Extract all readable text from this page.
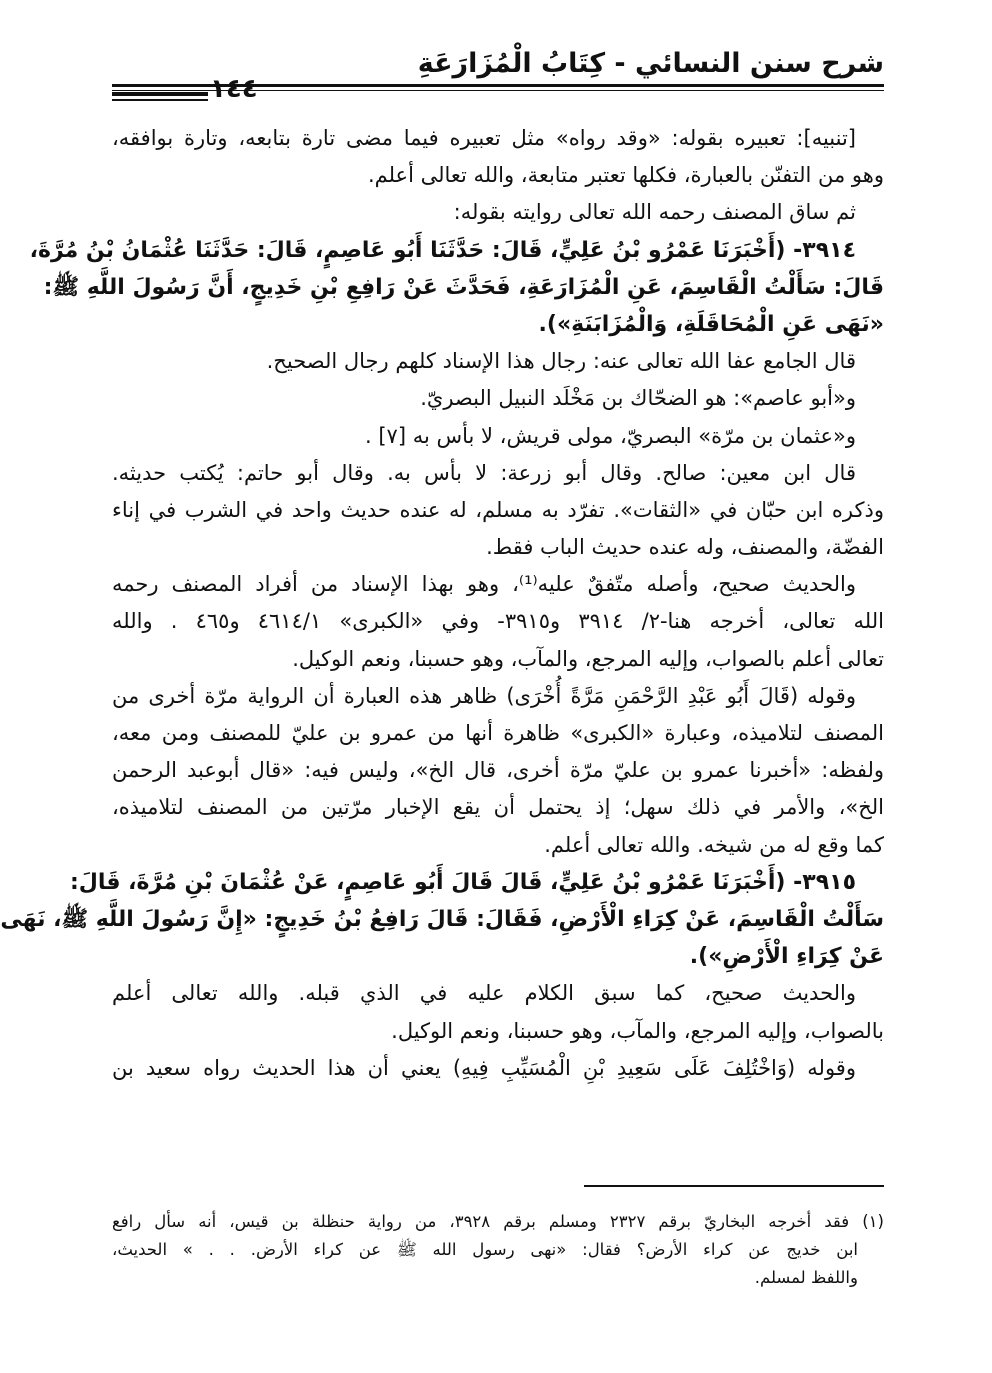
شرح سنن النسائي - كِتَابُ الْمُزَارَعَةِ
١٤٤
[تنبيه]: تعبيره بقوله: «وقد رواه» مثل تعبيره فيما مضى تارة بتابعه، وتارة بوافقه،
وهو من التفنّن بالعبارة، فكلها تعتبر متابعة، والله تعالى أعلم.
ثم ساق المصنف رحمه الله تعالى روايته بقوله:
٣٩١٤- (أَخْبَرَنَا عَمْرُو بْنُ عَلِيٍّ، قَالَ: حَدَّثَنَا أَبُو عَاصِمٍ، قَالَ: حَدَّثَنَا عُثْمَانُ بْنُ مُرَّةَ،
قَالَ: سَأَلْتُ الْقَاسِمَ، عَنِ الْمُزَارَعَةِ، فَحَدَّثَ عَنْ رَافِعِ بْنِ خَدِيجٍ، أَنَّ رَسُولَ اللَّهِ ﷺ:
«نَهَى عَنِ الْمُحَاقَلَةِ، وَالْمُزَابَنَةِ»).
قال الجامع عفا الله تعالى عنه: رجال هذا الإسناد كلهم رجال الصحيح.
و«أبو عاصم»: هو الضحّاك بن مَخْلَد النبيل البصريّ.
و«عثمان بن مرّة» البصريّ، مولى قريش، لا بأس به [٧] .
قال ابن معين: صالح. وقال أبو زرعة: لا بأس به. وقال أبو حاتم: يُكتب حديثه.
وذكره ابن حبّان في «الثقات». تفرّد به مسلم، له عنده حديث واحد في الشرب في إناء
الفضّة، والمصنف، وله عنده حديث الباب فقط.
والحديث صحيح، وأصله متّفقٌ عليه⁽¹⁾، وهو بهذا الإسناد من أفراد المصنف رحمه
الله تعالى، أخرجه هنا-٢/ ٣٩١٤ و٣٩١٥- وفي «الكبرى» ٤٦١٤/١ و٤٦٥ . والله
تعالى أعلم بالصواب، وإليه المرجع، والمآب، وهو حسبنا، ونعم الوكيل.
وقوله (قَالَ أَبُو عَبْدِ الرَّحْمَنِ مَرَّةً أُخْرَى) ظاهر هذه العبارة أن الرواية مرّة أخرى من
المصنف لتلاميذه، وعبارة «الكبرى» ظاهرة أنها من عمرو بن عليّ للمصنف ومن معه،
ولفظه: «أخبرنا عمرو بن عليّ مرّة أخرى، قال الخ»، وليس فيه: «قال أبوعبد الرحمن
الخ»، والأمر في ذلك سهل؛ إذ يحتمل أن يقع الإخبار مرّتين من المصنف لتلاميذه،
كما وقع له من شيخه. والله تعالى أعلم.
٣٩١٥- (أَخْبَرَنَا عَمْرُو بْنُ عَلِيٍّ، قَالَ قَالَ أَبُو عَاصِمٍ، عَنْ عُثْمَانَ بْنِ مُرَّةَ، قَالَ:
سَأَلْتُ الْقَاسِمَ، عَنْ كِرَاءِ الْأَرْضِ، فَقَالَ: قَالَ رَافِعُ بْنُ خَدِيجٍ: «إِنَّ رَسُولَ اللَّهِ ﷺ، نَهَى
عَنْ كِرَاءِ الْأَرْضِ»).
والحديث صحيح، كما سبق الكلام عليه في الذي قبله. والله تعالى أعلم
بالصواب، وإليه المرجع، والمآب، وهو حسبنا، ونعم الوكيل.
وقوله (وَاخْتُلِفَ عَلَى سَعِيدِ بْنِ الْمُسَيِّبِ فِيهِ) يعني أن هذا الحديث رواه سعيد بن
(١) فقد أخرجه البخاريّ برقم ٢٣٢٧ ومسلم برقم ٣٩٢٨، من رواية حنظلة بن قيس، أنه سأل رافع
ابن خديج عن كراء الأرض؟ فقال: «نهى رسول الله ﷺ عن كراء الأرض. . . » الحديث،
واللفظ لمسلم.
